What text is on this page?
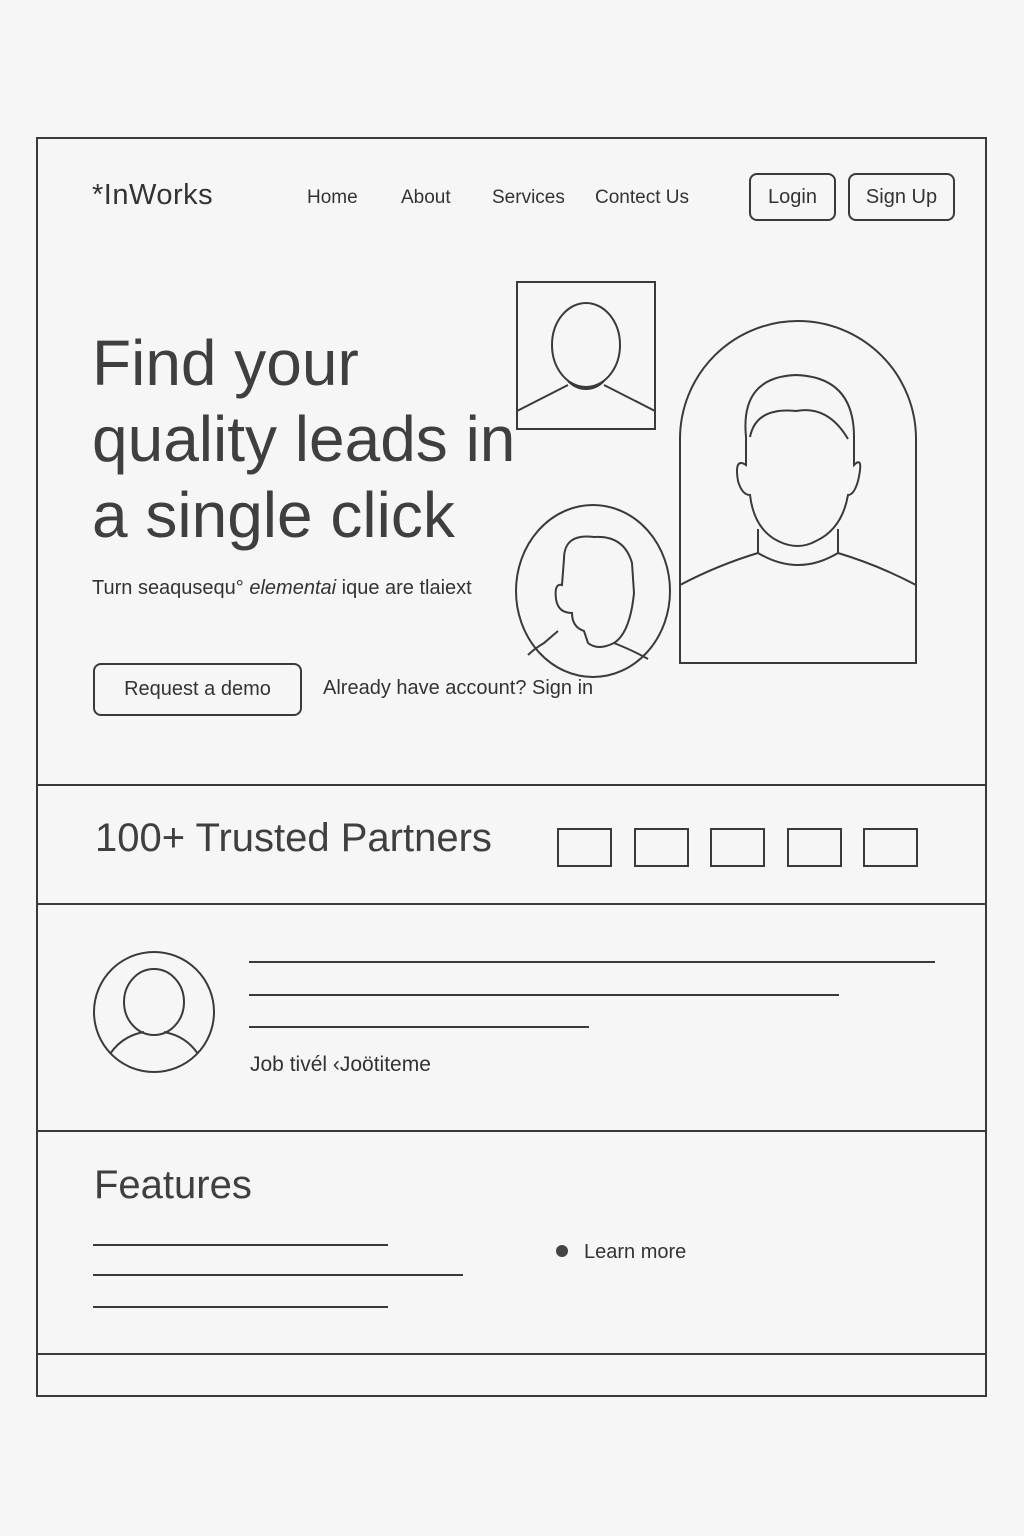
*InWorks	Home About Services Contect Us	Login	Sign Up
Find your
quality leads in
a single click
Turn seaqusequ° elementai ique are tlaiext
Request a demo	Already have account? Sign in
100+ Trusted Partners
Job tivél ‹Joötiteme
Features
Learn more
